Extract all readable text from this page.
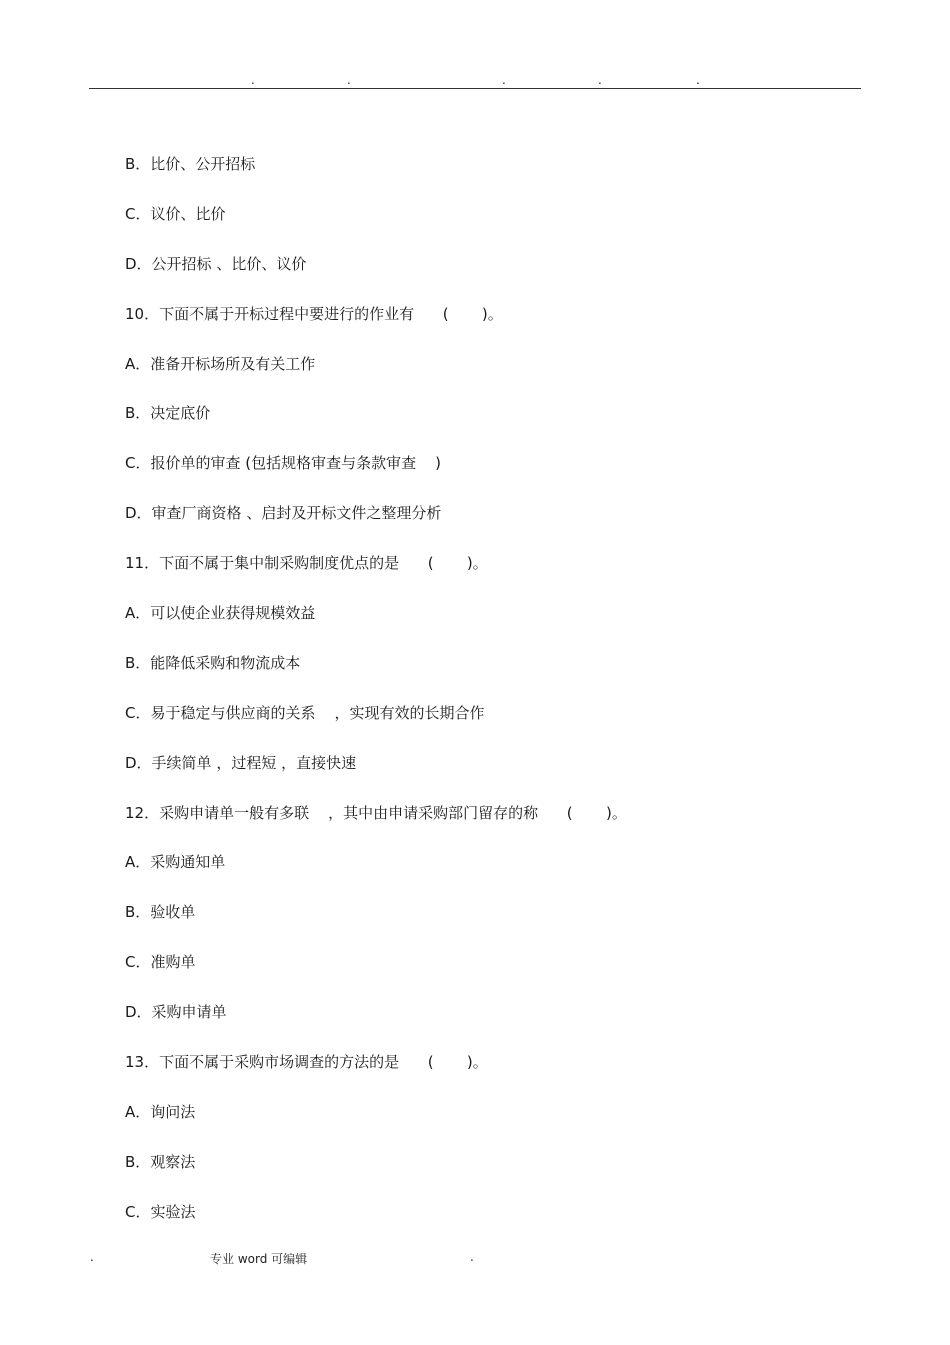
.	.	.	.	.
B．比价、公开招标
C．议价、比价
D．公开招标 、比价、议价
10．下面不属于开标过程中要进行的作业有      (       )。
A．准备开标场所及有关工作
B．决定底价
C．报价单的审查 (包括规格审查与条款审查    )
D．审查厂商资格 、启封及开标文件之整理分析
11．下面不属于集中制采购制度优点的是      (       )。
A．可以使企业获得规模效益
B．能降低采购和物流成本
C．易于稳定与供应商的关系    ，实现有效的长期合作
D．手续简单 ，过程短 ，直接快速
12．采购申请单一般有多联    ，其中由申请采购部门留存的称      (       )。
A．采购通知单
B．验收单
C．准购单
D．采购申请单
13．下面不属于采购市场调查的方法的是      (       )。
A．询问法
B．观察法
C．实验法
.	专业 word 可编辑	.
